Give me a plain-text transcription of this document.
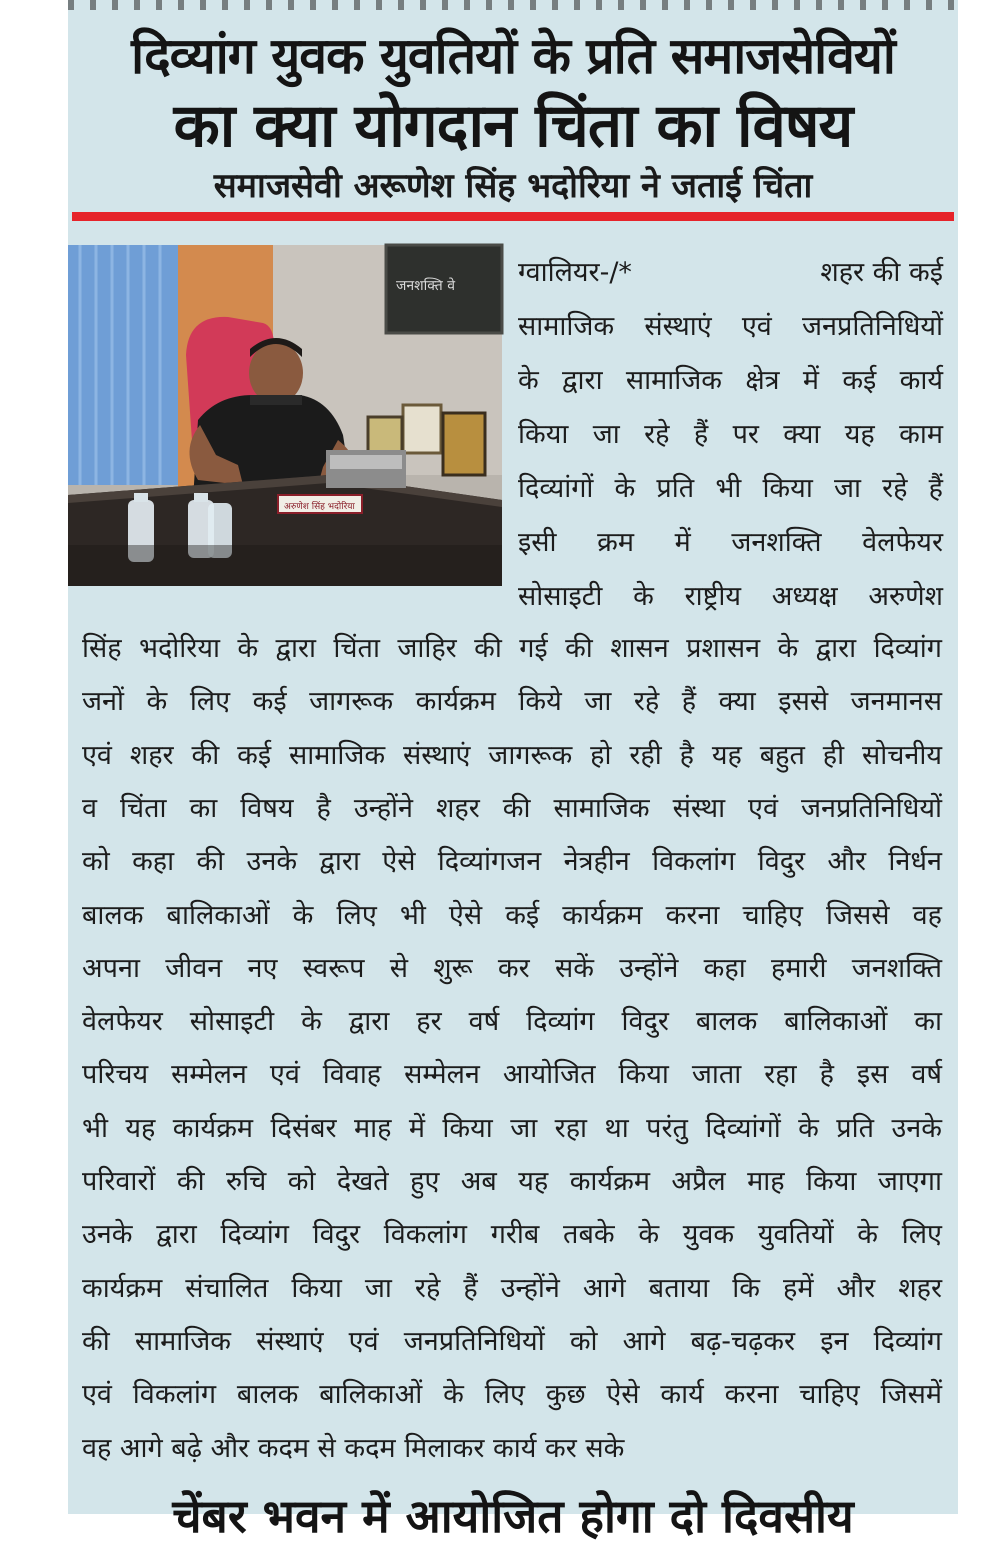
दिव्यांग युवक युवतियों के प्रति समाजसेवियों
का क्या योगदान चिंता का विषय
समाजसेवी अरूणेश सिंह भदोरिया ने जताई चिंता
जनशक्ति वे
अरुणेश सिंह भदोरिया
ग्वालियर-/*	शहर की कई
सामाजिक संस्थाएं एवं जनप्रतिनिधियों
के द्वारा सामाजिक क्षेत्र में कई कार्य
किया जा रहे हैं पर क्या यह काम
दिव्यांगों के प्रति भी किया जा रहे हैं
इसी क्रम में जनशक्ति वेलफेयर
सोसाइटी के राष्ट्रीय अध्यक्ष अरुणेश
सिंह भदोरिया के द्वारा चिंता जाहिर की गई की शासन प्रशासन के द्वारा दिव्यांग
जनों के लिए कई जागरूक कार्यक्रम किये जा रहे हैं क्या इससे जनमानस
एवं शहर की कई सामाजिक संस्थाएं जागरूक हो रही है यह बहुत ही सोचनीय
व चिंता का विषय है उन्होंने शहर की सामाजिक संस्था एवं जनप्रतिनिधियों
को कहा की उनके द्वारा ऐसे दिव्यांगजन नेत्रहीन विकलांग विदुर और निर्धन
बालक बालिकाओं के लिए भी ऐसे कई कार्यक्रम करना चाहिए जिससे वह
अपना जीवन नए स्वरूप से शुरू कर सकें उन्होंने कहा हमारी जनशक्ति
वेलफेयर सोसाइटी के द्वारा हर वर्ष दिव्यांग विदुर बालक बालिकाओं का
परिचय सम्मेलन एवं विवाह सम्मेलन आयोजित किया जाता रहा है इस वर्ष
भी यह कार्यक्रम दिसंबर माह में किया जा रहा था परंतु दिव्यांगों के प्रति उनके
परिवारों की रुचि को देखते हुए अब यह कार्यक्रम अप्रैल माह किया जाएगा
उनके द्वारा दिव्यांग विदुर विकलांग गरीब तबके के युवक युवतियों के लिए
कार्यक्रम संचालित किया जा रहे हैं उन्होंने आगे बताया कि हमें और शहर
की सामाजिक संस्थाएं एवं जनप्रतिनिधियों को आगे बढ़-चढ़कर इन दिव्यांग
एवं विकलांग बालक बालिकाओं के लिए कुछ ऐसे कार्य करना चाहिए जिसमें
वह आगे बढ़े और कदम से कदम मिलाकर कार्य कर सके
चेंबर भवन में आयोजित होगा दो दिवसीय
